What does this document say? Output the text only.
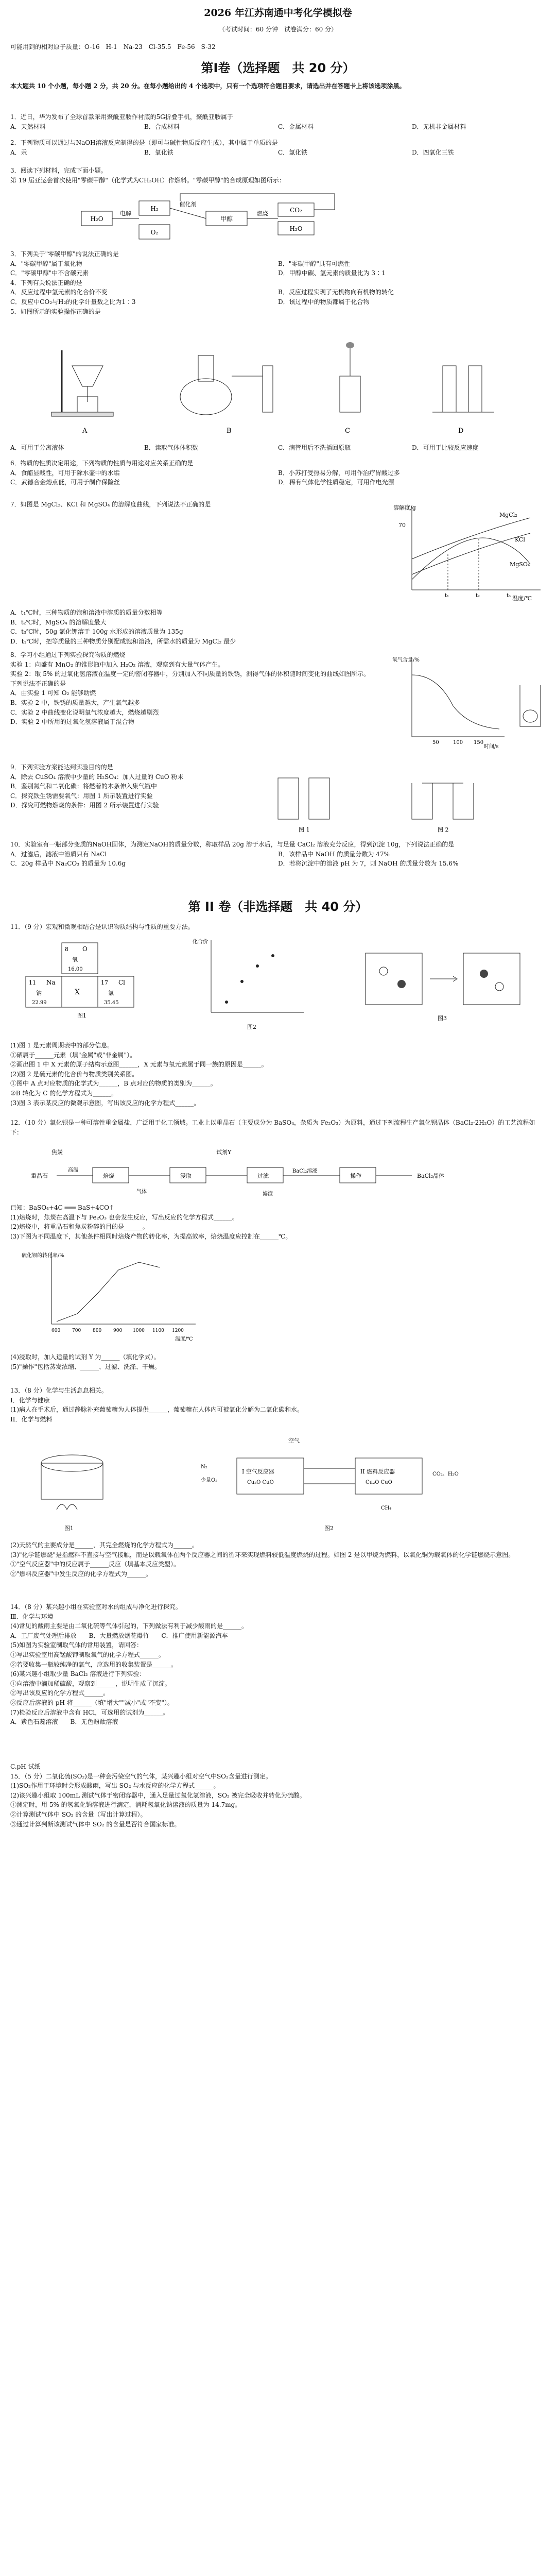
2026 年江苏南通中考化学模拟卷
（考试时间：60 分钟　试卷满分：60 分）
可能用到的相对原子质量：O-16　H-1　Na-23　Cl-35.5　Fe-56　S-32
第Ⅰ卷（选择题　共 20 分）
本大题共 10 个小题，每小题 2 分，共 20 分。在每小题给出的 4 个选项中，只有一个选项符合题目要求，请选出并在答题卡上将该选项涂黑。

1．近日，华为发布了全球首款采用聚酰亚胺作衬底的5G折叠手机，聚酰亚胺属于

A．天然材料	B．合成材料	C．金属材料	D．无机非金属材料

2．下列物质可以通过与NaOH溶液反应制得的是（即可与碱性物质反应生成），其中属于单质的是

A．汞	B．氧化铁	C．氯化铁	D．四氧化三铁

3．阅读下列材料，完成下面小题。

第 19 届亚运会首次使用"零碳甲醇"（化学式为CH₃OH）作燃料。"零碳甲醇"的合成原理如图所示：

H₂O
电解
H₂
O₂
甲醇
催化剂
燃烧	CO₂
H₂O

3．下列关于"零碳甲醇"的说法正确的是

A．"零碳甲醇"属于氧化物	B．"零碳甲醇"具有可燃性
C．"零碳甲醇"中不含碳元素	D．甲醇中碳、氢元素的质量比为 3∶1

4．下列有关说法正确的是

A．反应过程中氢元素的化合价不变	B．反应过程实现了无机物向有机物的转化
C．反应中CO₂与H₂的化学计量数之比为1∶3	D．该过程中的物质都属于化合物

5．如图所示的实验操作正确的是

A	B	C	D
A．可用于分离液体	B．读取气体体积数	C．滴管用后不洗插回原瓶	D．可用于比较反应速度

6．物质的性质决定用途，下列物质的性质与用途对应关系正确的是

A．食醋显酸性，可用于除水壶中的水垢	B．小苏打受热易分解，可用作治疗胃酸过多
C．武德合金熔点低，可用于制作保险丝	D．稀有气体化学性质稳定，可用作电光源

7．如图是 MgCl₂、KCl 和 MgSO₄ 的溶解度曲线，下列说法不正确的是	溶解度/g
温度/℃
70
MgCl₂
KCl
MgSO₄
t₁	t₂	t₃

A．t₁℃时，三种物质的饱和溶液中溶质的质量分数相等

B．t₂℃时，MgSO₄ 的溶解度最大

C．t₃℃时，50g 氯化钾溶于 100g 水形成的溶液质量为 135g

D．t₁℃时，把等质量的三种物质分别配成饱和溶液，所需水的质量为 MgCl₂ 最少

8．学习小组通过下列实验探究物质的燃烧

实验 1：向盛有 MnO₂ 的锥形瓶中加入 H₂O₂ 溶液，观察到有大量气体产生。

实验 2：取 5% 的过氧化氢溶液在温度一定的密闭容器中，分别加入不同质量的铁锈，测得气体的体积随时间变化的曲线如图所示。

下列说法不正确的是

A．由实验 1 可知 O₂ 能够助燃

B．实验 2 中，铁锈的质量越大，产生氧气越多

C．实验 2 中曲线变化说明氧气浓度越大，燃烧越剧烈

D．实验 2 中所用的过氧化氢溶液属于混合物

氧气含量/%
时间/s
50	100 150

9．下列实验方案能达到实验目的的是

A．除去 CuSO₄ 溶液中少量的 H₂SO₄：加入过量的 CuO 粉末

B．鉴别氮气和二氧化碳：将燃着的木条伸入集气瓶中

C．探究铁生锈需要氧气：用图 1 所示装置进行实验

D．探究可燃物燃烧的条件：用图 2 所示装置进行实验

图 1	图 2

10．实验室有一瓶部分变质的NaOH固体，为测定NaOH的质量分数，称取样品 20g 溶于水后，与足量 CaCl₂ 溶液充分反应，得到沉淀 10g，下列说法正确的是

A．过滤后，滤液中溶质只有 NaCl	B．该样品中 NaOH 的质量分数为 47%
C．20g 样品中 Na₂CO₃ 的质量为 10.6g	D．若将沉淀中的溶液 pH 为 7，则 NaOH 的质量分数为 15.6%
第 II 卷（非选择题　共 40 分）

11．（9 分）宏观和微观相结合是认识物质结构与性质的重要方法。

8 O
氧
16.00
11 Na
钠
22.99
X
17 Cl
氯
35.45
图1
化合价
图2
图3

(1)图 1 是元素周期表中的部分信息。

①硒属于______元素（填"金属"或"非金属"）。

②画出图 1 中 X 元素的原子结构示意图______，X 元素与氧元素属于同一族的原因是______。

(2)图 2 是硫元素的化合价与物质类别关系图。

①图中 A 点对应物质的化学式为______，B 点对应的物质的类别为______。

②B 转化为 C 的化学方程式为______。

(3)图 3 表示某反应的微观示意图，写出该反应的化学方程式______。

12．（10 分）氯化钡是一种可溶性重金属盐，广泛用于化工领域。工业上以重晶石（主要成分为 BaSO₄，杂质为 Fe₂O₃）为原料，通过下列流程生产氯化钡晶体（BaCl₂·2H₂O）的工艺流程如下：

焦炭
重晶石
高温
焙烧
气体
浸取
试剂Y
过滤
滤渣
BaCl₂溶液
操作	BaCl₂晶体

已知：BaSO₄+4C ═══ BaS+4CO↑

(1)焙烧时，焦炭在高温下与 Fe₂O₃ 也会发生反应，写出反应的化学方程式______。

(2)焙烧中，将重晶石和焦炭粉碎的目的是______。

(3)下图为不同温度下，其他条件相同时焙烧产物的转化率，为提高效率，焙烧温度应控制在______℃。

硫化钡的转化率/%
温度/℃
600	700	800	900 1000 1100 1200

(4)浸取时，加入适量的试剂 Y 为______（填化学式）。

(5)"操作"包括蒸发浓缩、______、过滤、洗涤、干燥。

13．（8 分）化学与生活息息相关。

I．化学与健康

(1)病人在手术后，通过静脉补充葡萄糖为人体提供______，葡萄糖在人体内可被氧化分解为二氧化碳和水。

II．化学与燃料

图1
空气
I 空气反应器
Cu₂O CuO
II 燃料反应器
Cu₂O CuO
N₂
少量O₂
CO₂、H₂O
CH₄
图2

(2)天然气的主要成分是______，其完全燃烧的化学方程式为______。

(3)"化学链燃烧"是指燃料不直接与空气接触，而是以载氧体在两个反应器之间的循环来实现燃料较低温度燃烧的过程。如图 2 是以甲烷为燃料，以氧化铜为载氧体的化学链燃烧示意图。

①"空气反应器"中的反应属于______反应（填基本反应类型）。

②"燃料反应器"中发生反应的化学方程式为______。

14．（8 分）某兴趣小组在实验室对水的组成与净化进行探究。

Ⅲ．化学与环境

(4)常见的酸雨主要是由二氧化硫等气体引起的，下列做法有利于减少酸雨的是______。

A．工厂废气处理后排放　　B．大量燃放烟花爆竹　　C．推广使用新能源汽车

(5)如图为实验室制取气体的常用装置，请回答：

①写出实验室用高锰酸钾制取氧气的化学方程式______。

②若要收集一瓶较纯净的氧气，应选用的收集装置是______。

(6)某兴趣小组取少量 BaCl₂ 溶液进行下列实验：

①向溶液中滴加稀硫酸，观察到______，说明生成了沉淀。

②写出该反应的化学方程式______。

③反应后溶液的 pH 将______（填"增大""减小"或"不变"）。

(7)检验反应后溶液中含有 HCl，可选用的试剂为______。

A．紫色石蕊溶液　　B．无色酚酞溶液

C.pH 试纸

15．（5 分）二氧化硫(SO₂)是一种会污染空气的气体，某兴趣小组对空气中SO₂含量进行测定。

(1)SO₂作用于环境时会形成酸雨，写出 SO₂ 与水反应的化学方程式______。

(2)该兴趣小组取 100mL 测试气体于密闭容器中，通入足量过氧化氢溶液，SO₂ 被完全吸收并转化为硫酸。

①测定时，用 5% 的氢氧化钠溶液进行滴定，消耗氢氧化钠溶液的质量为 14.7mg。

②计算测试气体中 SO₂ 的含量（写出计算过程）。

③通过计算判断该测试气体中 SO₂ 的含量是否符合国家标准。
